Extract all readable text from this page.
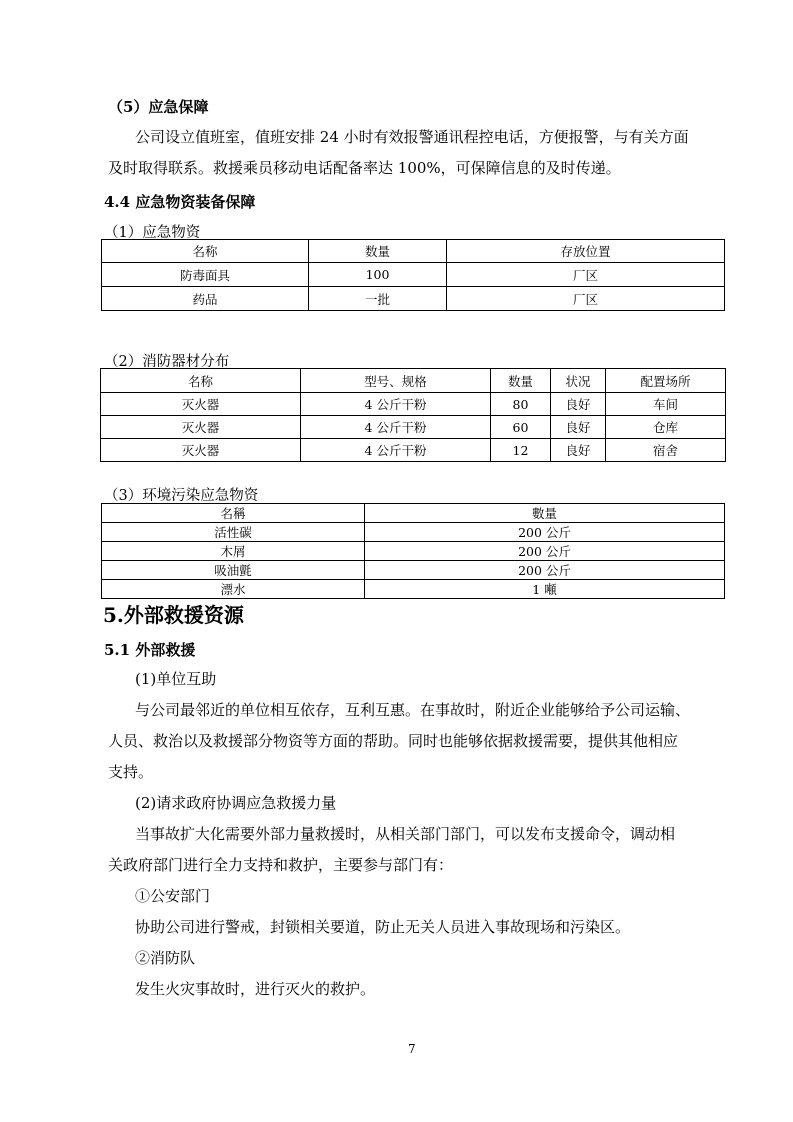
（5）应急保障
公司设立值班室，值班安排 24 小时有效报警通讯程控电话，方便报警，与有关方面
及时取得联系。救援乘员移动电话配备率达 100%，可保障信息的及时传递。
4.4 应急物资装备保障
（1）应急物资
名称	数量	存放位置
防毒面具	100	厂区
药品	一批	厂区
（2）消防器材分布
名称	型号、规格	数量	状况	配置场所
灭火器	4 公斤干粉	80	良好	车间
灭火器	4 公斤干粉	60	良好	仓库
灭火器	4 公斤干粉	12	良好	宿舍
（3）环境污染应急物资
名稱	數量
活性碳	200 公斤
木屑	200 公斤
吸油氈	200 公斤
漂水	1 噸
5.外部救援资源
5.1 外部救援
(1)单位互助
与公司最邻近的单位相互依存，互利互惠。在事故时，附近企业能够给予公司运输、
人员、救治以及救援部分物资等方面的帮助。同时也能够依据救援需要，提供其他相应
支持。
(2)请求政府协调应急救援力量
当事故扩大化需要外部力量救援时，从相关部门部门，可以发布支援命令，调动相
关政府部门进行全力支持和救护，主要参与部门有：
①公安部门
协助公司进行警戒，封锁相关要道，防止无关人员进入事故现场和污染区。
②消防队
发生火灾事故时，进行灭火的救护。
7
